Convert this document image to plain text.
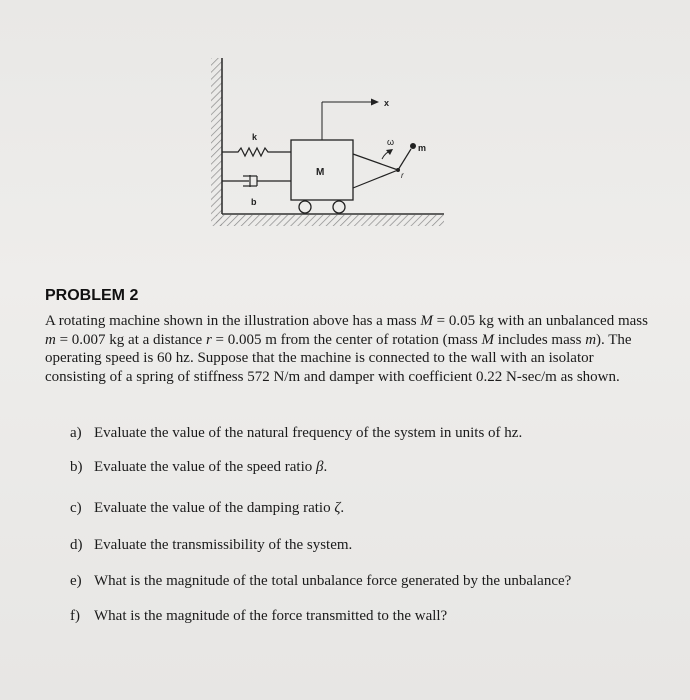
k
b
M
x
ω
m
r
PROBLEM 2
A rotating machine shown in the illustration above has a mass M = 0.05 kg with an unbalanced mass m = 0.007 kg at a distance r = 0.005 m from the center of rotation (mass M includes mass m). The operating speed is 60 hz. Suppose that the machine is connected to the wall with an isolator consisting of a spring of stiffness 572 N/m and damper with coefficient 0.22 N-sec/m as shown.
a) Evaluate the value of the natural frequency of the system in units of hz.
b) Evaluate the value of the speed ratio β.
c) Evaluate the value of the damping ratio ζ.
d) Evaluate the transmissibility of the system.
e) What is the magnitude of the total unbalance force generated by the unbalance?
f) What is the magnitude of the force transmitted to the wall?
